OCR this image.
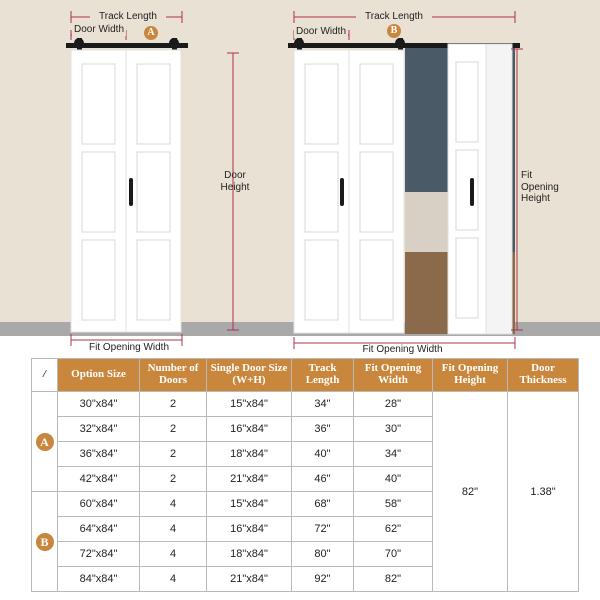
Track Length
Door Width
Door
Height
Fit Opening Width
Track Length
Door Width
Fit
Opening
Height
Fit Opening Width
A	B
/	Option Size	Number of Doors	Single Door Size (W+H)	Track Length	Fit Opening Width	Fit Opening Height	Door Thickness
A	30"x84"	2	15"x84"	34"	28"	82"	1.38"
	32"x84"	2	16"x84"	36"	30"		
	36"x84"	2	18"x84"	40"	34"		
	42"x84"	2	21"x84"	46"	40"		
B	60"x84"	4	15"x84"	68"	58"		
	64"x84"	4	16"x84"	72"	62"		
	72"x84"	4	18"x84"	80"	70"		
	84"x84"	4	21"x84"	92"	82"		
